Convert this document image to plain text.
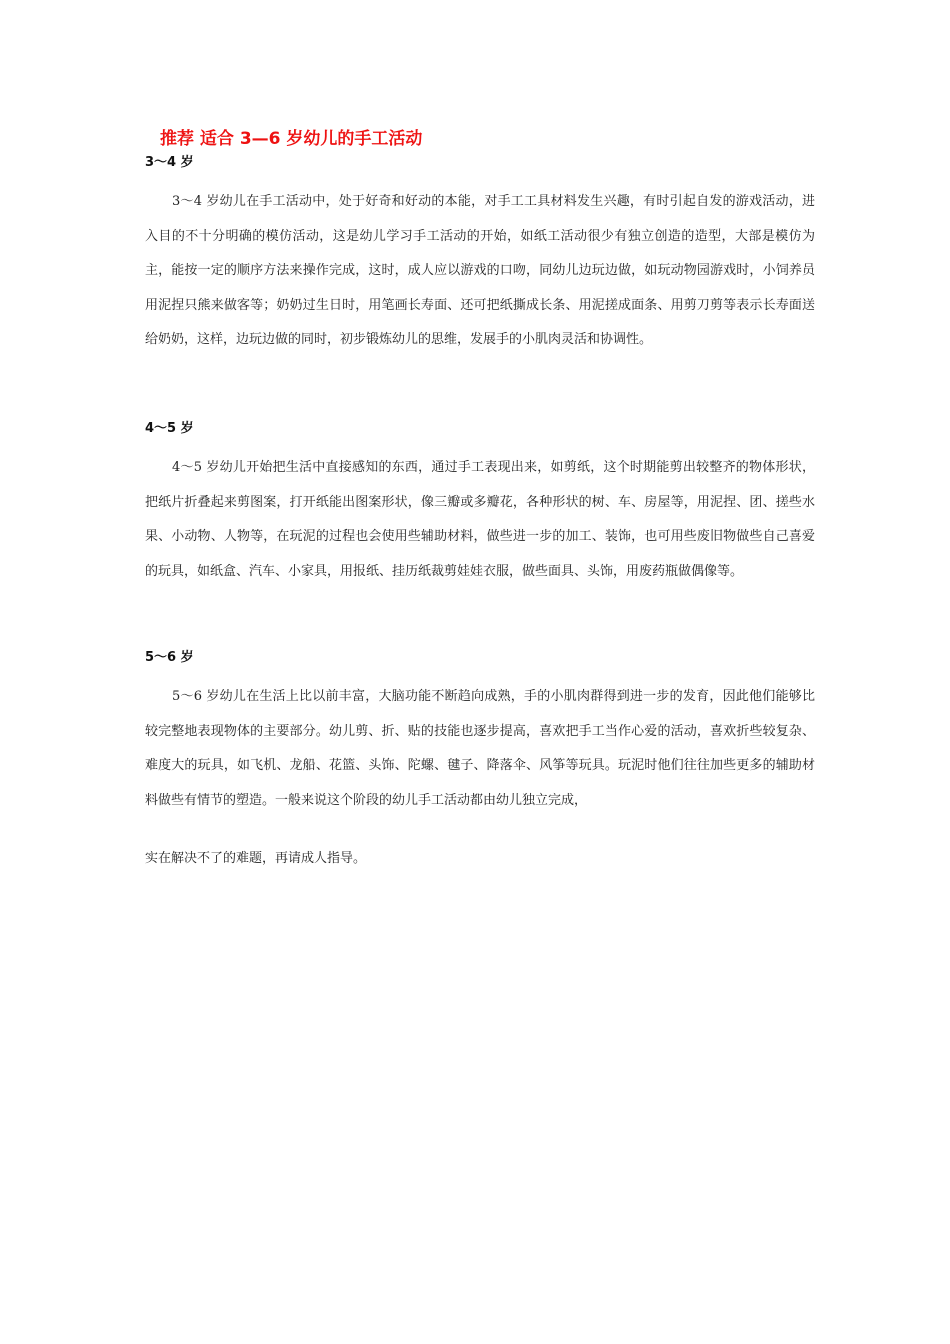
推荐 适合 3—6 岁幼儿的手工活动
3～4 岁

3～4 岁幼儿在手工活动中，处于好奇和好动的本能，对手工工具材料发生兴趣，有时引起自发的游戏活动，进入目的不十分明确的模仿活动，这是幼儿学习手工活动的开始，如纸工活动很少有独立创造的造型，大部是模仿为主，能按一定的顺序方法来操作完成，这时，成人应以游戏的口吻，同幼儿边玩边做，如玩动物园游戏时，小饲养员用泥捏只熊来做客等；奶奶过生日时，用笔画长寿面、还可把纸撕成长条、用泥搓成面条、用剪刀剪等表示长寿面送给奶奶，这样，边玩边做的同时，初步锻炼幼儿的思维，发展手的小肌肉灵活和协调性。

4～5 岁

4～5 岁幼儿开始把生活中直接感知的东西，通过手工表现出来，如剪纸，这个时期能剪出较整齐的物体形状，把纸片折叠起来剪图案，打开纸能出图案形状，像三瓣或多瓣花，各种形状的树、车、房屋等，用泥捏、团、搓些水果、小动物、人物等，在玩泥的过程也会使用些辅助材料，做些进一步的加工、装饰，也可用些废旧物做些自己喜爱的玩具，如纸盒、汽车、小家具，用报纸、挂历纸裁剪娃娃衣服，做些面具、头饰，用废药瓶做偶像等。

5～6 岁

5～6 岁幼儿在生活上比以前丰富，大脑功能不断趋向成熟，手的小肌肉群得到进一步的发育，因此他们能够比较完整地表现物体的主要部分。幼儿剪、折、贴的技能也逐步提高，喜欢把手工当作心爱的活动，喜欢折些较复杂、难度大的玩具，如飞机、龙船、花篮、头饰、陀螺、毽子、降落伞、风筝等玩具。玩泥时他们往往加些更多的辅助材料做些有情节的塑造。一般来说这个阶段的幼儿手工活动都由幼儿独立完成，

实在解决不了的难题，再请成人指导。
